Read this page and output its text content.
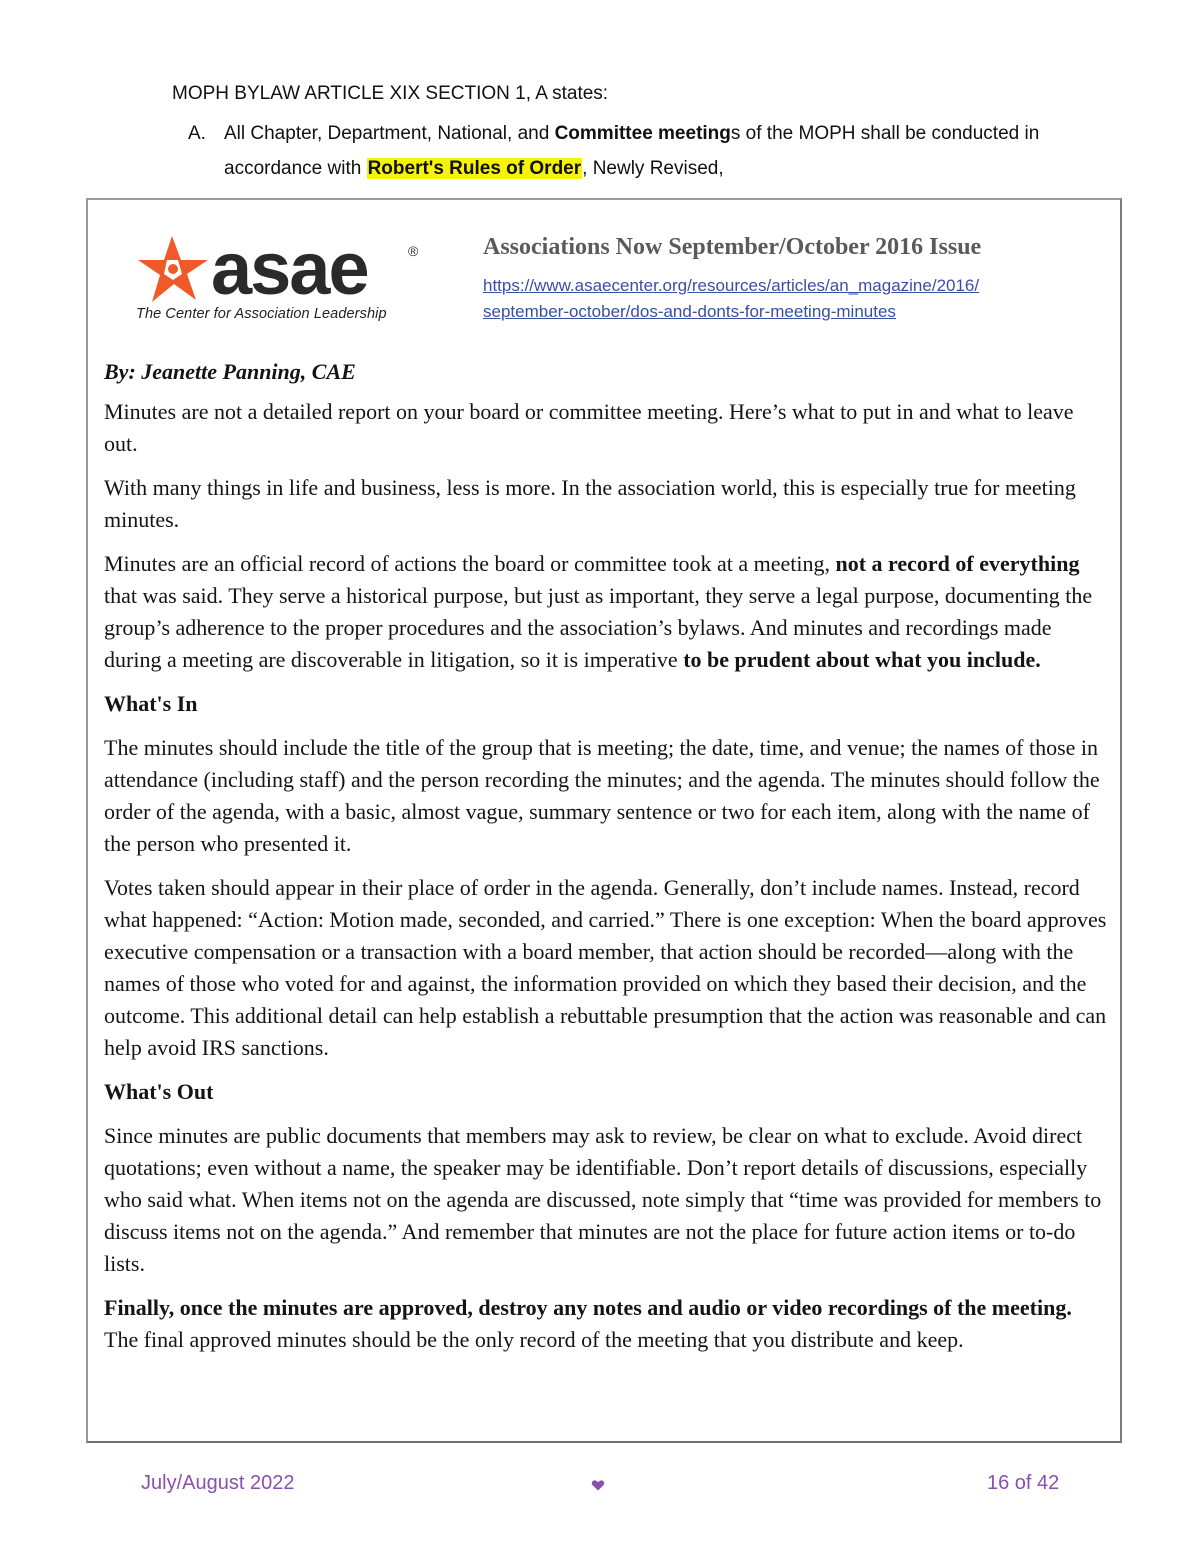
MOPH BYLAW ARTICLE XIX SECTION 1, A states:
A. All Chapter, Department, National, and Committee meetings of the MOPH shall be conducted in accordance with Robert's Rules of Order, Newly Revised,
asae	®
The Center for Association Leadership
Associations Now September/October 2016 Issue
https://www.asaecenter.org/resources/articles/an_magazine/2016/
september-october/dos-and-donts-for-meeting-minutes

By: Jeanette Panning, CAE

Minutes are not a detailed report on your board or committee meeting. Here’s what to put in and what to leave out.

With many things in life and business, less is more. In the association world, this is especially true for meeting minutes.

Minutes are an official record of actions the board or committee took at a meeting, not a record of everything that was said. They serve a historical purpose, but just as important, they serve a legal purpose, documenting the group’s adherence to the proper procedures and the association’s bylaws. And minutes and recordings made during a meeting are discoverable in litigation, so it is imperative to be prudent about what you include.

What's In

The minutes should include the title of the group that is meeting; the date, time, and venue; the names of those in attendance (including staff) and the person recording the minutes; and the agenda. The minutes should follow the order of the agenda, with a basic, almost vague, summary sentence or two for each item, along with the name of the person who presented it.

Votes taken should appear in their place of order in the agenda. Generally, don’t include names. Instead, record what happened: “Action: Motion made, seconded, and carried.” There is one exception: When the board approves executive compensation or a transaction with a board member, that action should be recorded—along with the names of those who voted for and against, the information provided on which they based their decision, and the outcome. This additional detail can help establish a rebuttable presumption that the action was reasonable and can help avoid IRS sanctions.

What's Out

Since minutes are public documents that members may ask to review, be clear on what to exclude. Avoid direct quotations; even without a name, the speaker may be identifiable. Don’t report details of discussions, especially who said what. When items not on the agenda are discussed, note simply that “time was provided for members to discuss items not on the agenda.” And remember that minutes are not the place for future action items or to-do lists.

Finally, once the minutes are approved, destroy any notes and audio or video recordings of the meeting. The final approved minutes should be the only record of the meeting that you distribute and keep.

July/August 2022	16 of 42
